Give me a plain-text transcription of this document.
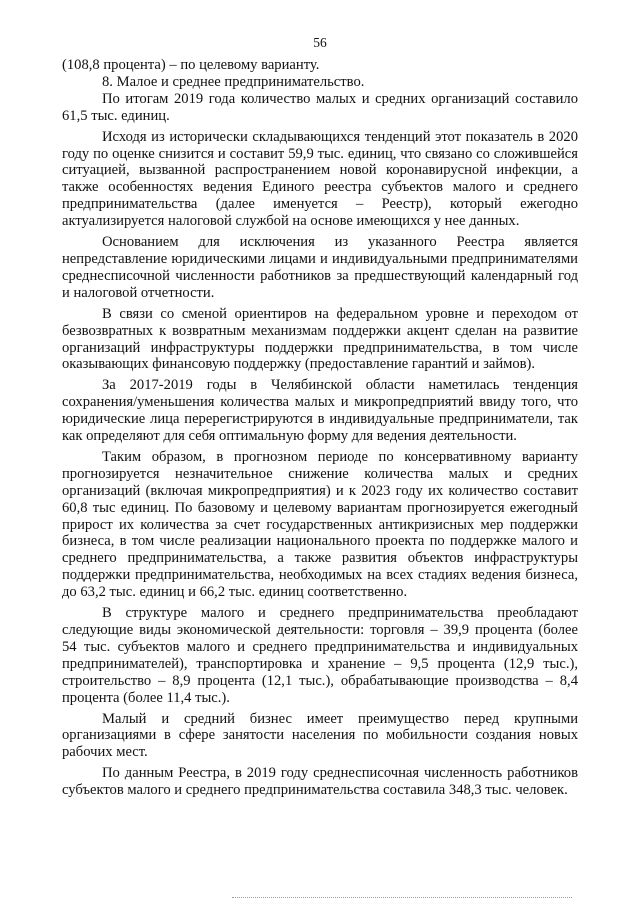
56

(108,8 процента) – по целевому варианту.

8. Малое и среднее предпринимательство.

По итогам 2019 года количество малых и средних организаций составило 61,5 тыс. единиц.

Исходя из исторически складывающихся тенденций этот показатель в 2020 году по оценке снизится и составит 59,9 тыс. единиц, что связано со сложившейся ситуацией, вызванной распространением новой коронавирусной инфекции, а также особенностях ведения Единого реестра субъектов малого и среднего предпринимательства (далее именуется – Реестр), который ежегодно актуализируется налоговой службой на основе имеющихся у нее данных.

Основанием для исключения из указанного Реестра является непредставление юридическими лицами и индивидуальными предпринимателями среднесписочной численности работников за предшествующий календарный год и налоговой отчетности.

В связи со сменой ориентиров на федеральном уровне и переходом от безвозвратных к возвратным механизмам поддержки акцент сделан на развитие организаций инфраструктуры поддержки предпринимательства, в том числе оказывающих финансовую поддержку (предоставление гарантий и займов).

За 2017-2019 годы в Челябинской области наметилась тенденция сохранения/уменьшения количества малых и микропредприятий ввиду того, что юридические лица перерегистрируются в индивидуальные предприниматели, так как определяют для себя оптимальную форму для ведения деятельности.

Таким образом, в прогнозном периоде по консервативному варианту прогнозируется незначительное снижение количества малых и средних организаций (включая микропредприятия) и к 2023 году их количество составит 60,8 тыс единиц. По базовому и целевому вариантам прогнозируется ежегодный прирост их количества за счет государственных антикризисных мер поддержки бизнеса, в том числе реализации национального проекта по поддержке малого и среднего предпринимательства, а также развития объектов инфраструктуры поддержки предпринимательства, необходимых на всех стадиях ведения бизнеса, до 63,2 тыс. единиц и 66,2 тыс. единиц соответственно.

В структуре малого и среднего предпринимательства преобладают следующие виды экономической деятельности: торговля – 39,9 процента (более 54 тыс. субъектов малого и среднего предпринимательства и индивидуальных предпринимателей), транспортировка и хранение – 9,5 процента (12,9 тыс.), строительство – 8,9 процента (12,1 тыс.), обрабатывающие производства – 8,4 процента (более 11,4 тыс.).

Малый и средний бизнес имеет преимущество перед крупными организациями в сфере занятости населения по мобильности создания новых рабочих мест.

По данным Реестра, в 2019 году среднесписочная численность работников субъектов малого и среднего предпринимательства составила 348,3 тыс. человек.
